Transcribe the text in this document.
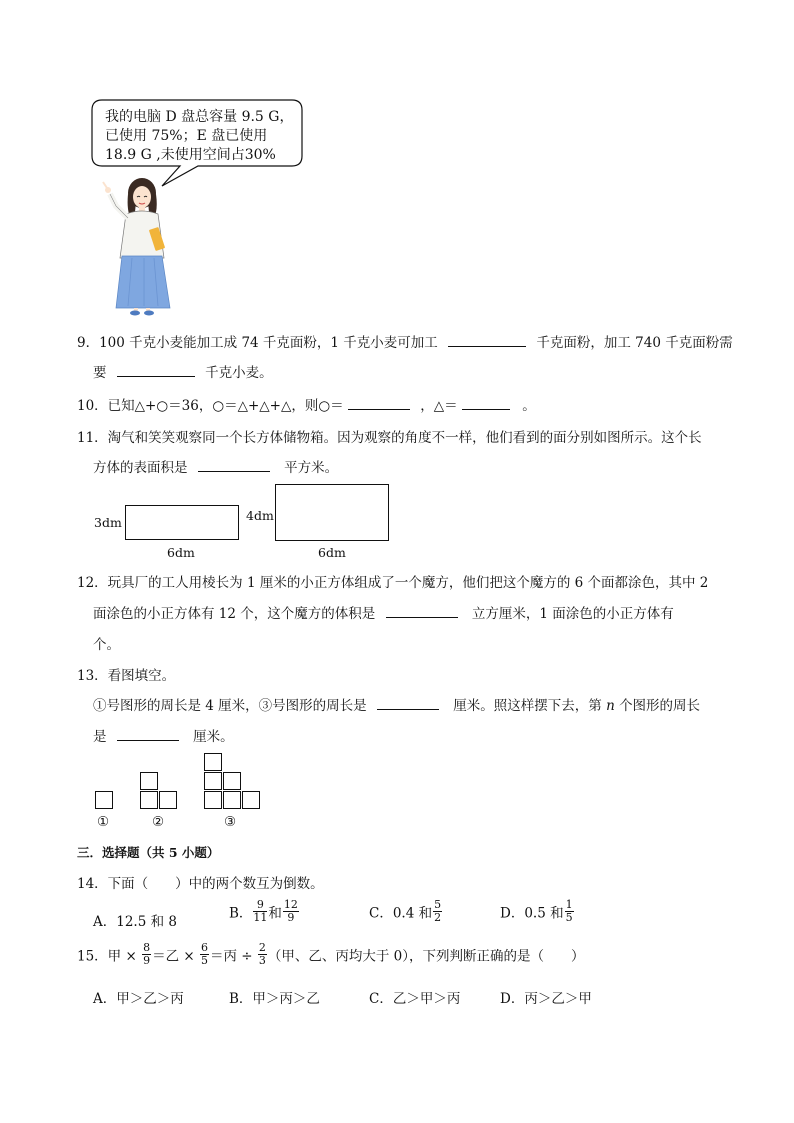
我的电脑 D 盘总容量 9.5 G，
已使用 75%；E 盘已使用
18.9 G ,未使用空间占30%
9．100 千克小麦能加工成 74 千克面粉，1 千克小麦可加工	千克面粉，加工 740 千克面粉需
要	千克小麦。
10．已知△+○＝36，○＝△+△+△，则○＝	，△＝	。
11．淘气和笑笑观察同一个长方体储物箱。因为观察的角度不一样，他们看到的面分别如图所示。这个长
方体的表面积是	平方米。
3dm
6dm
4dm
6dm
12．玩具厂的工人用棱长为 1 厘米的小正方体组成了一个魔方，他们把这个魔方的 6 个面都涂色，其中 2
面涂色的小正方体有 12 个，这个魔方的体积是	立方厘米，1 面涂色的小正方体有
个。
13．看图填空。
①号图形的周长是 4 厘米，③号图形的周长是	厘米。照这样摆下去，第 n 个图形的周长
是	厘米。
①	②	③
三．选择题（共 5 小题）
14．下面（　　）中的两个数互为倒数。
A．12.5 和 8
B． $\frac{9}{11}$ 和 $\frac{12}{9}$	C．0.4 和 $\frac{5}{2}$	D．0.5 和 $\frac{1}{5}$
15．甲 × $\frac{8}{9}$ ＝乙 × $\frac{6}{5}$ ＝丙 ÷ $\frac{2}{3}$ （甲、乙、丙均大于 0），下列判断正确的是（　　）
A．甲＞乙＞丙	B．甲＞丙＞乙	C．乙＞甲＞丙	D．丙＞乙＞甲
